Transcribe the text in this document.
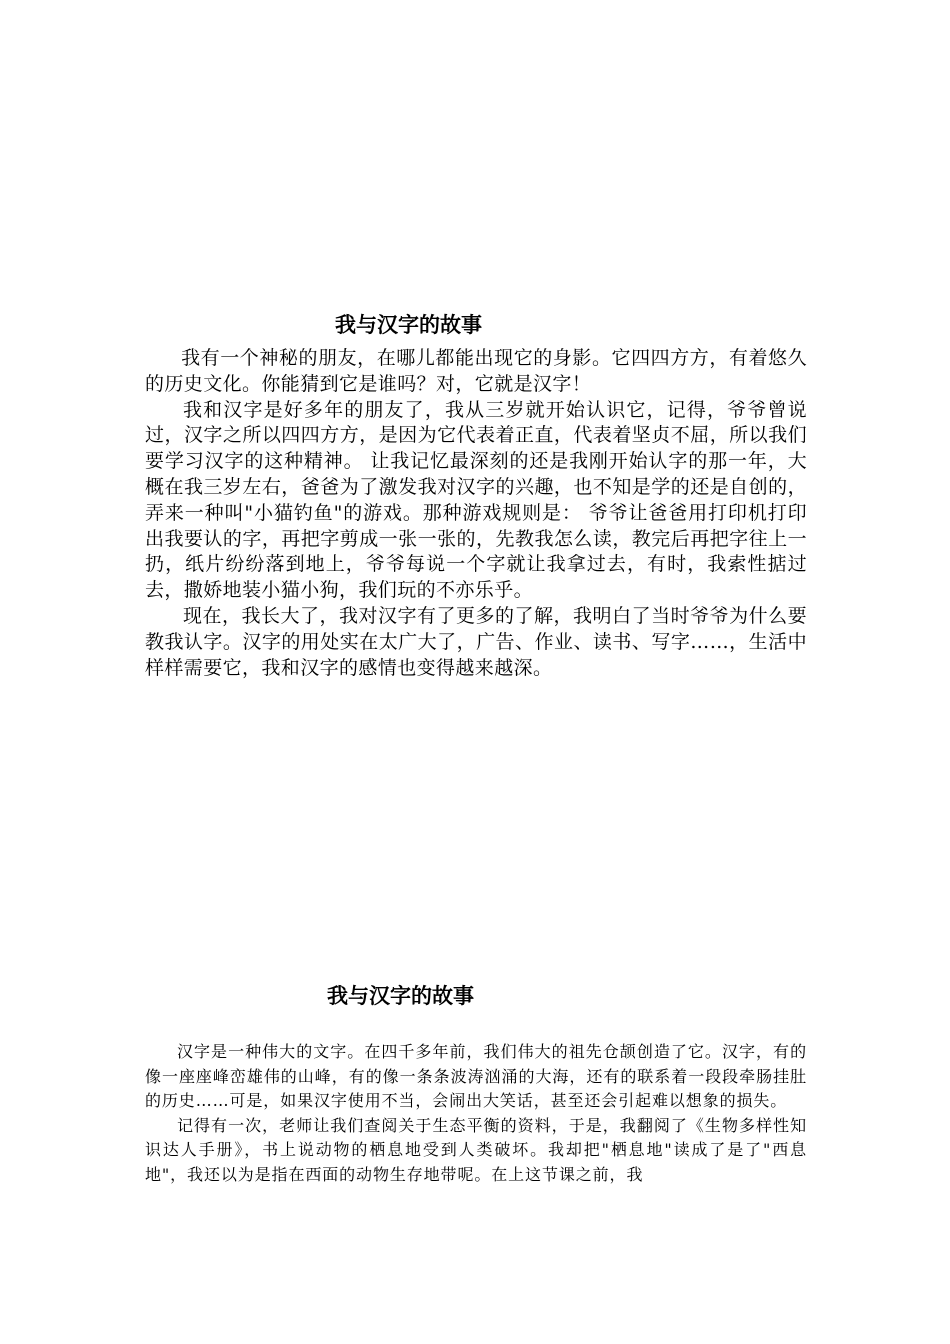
我与汉字的故事

我有一个神秘的朋友，在哪儿都能出现它的身影。它四四方方，有着悠久的历史文化。你能猜到它是谁吗？对，它就是汉字！

我和汉字是好多年的朋友了，我从三岁就开始认识它，记得，爷爷曾说过，汉字之所以四四方方，是因为它代表着正直，代表着坚贞不屈，所以我们要学习汉字的这种精神。 让我记忆最深刻的还是我刚开始认字的那一年，大概在我三岁左右，爸爸为了激发我对汉字的兴趣，也不知是学的还是自创的，弄来一种叫"小猫钓鱼"的游戏。那种游戏规则是： 爷爷让爸爸用打印机打印出我要认的字，再把字剪成一张一张的，先教我怎么读，教完后再把字往上一扔，纸片纷纷落到地上，爷爷每说一个字就让我拿过去，有时，我索性掂过去，撒娇地装小猫小狗，我们玩的不亦乐乎。

现在，我长大了，我对汉字有了更多的了解，我明白了当时爷爷为什么要教我认字。汉字的用处实在太广大了，广告、作业、读书、写字……，生活中样样需要它，我和汉字的感情也变得越来越深。

我与汉字的故事

汉字是一种伟大的文字。在四千多年前，我们伟大的祖先仓颉创造了它。汉字，有的像一座座峰峦雄伟的山峰，有的像一条条波涛汹涌的大海，还有的联系着一段段牵肠挂肚的历史……可是，如果汉字使用不当，会闹出大笑话，甚至还会引起难以想象的损失。

记得有一次，老师让我们查阅关于生态平衡的资料，于是，我翻阅了《生物多样性知识达人手册》，书上说动物的栖息地受到人类破坏。我却把"栖息地"读成了是了"西息地"，我还以为是指在西面的动物生存地带呢。在上这节课之前，我
